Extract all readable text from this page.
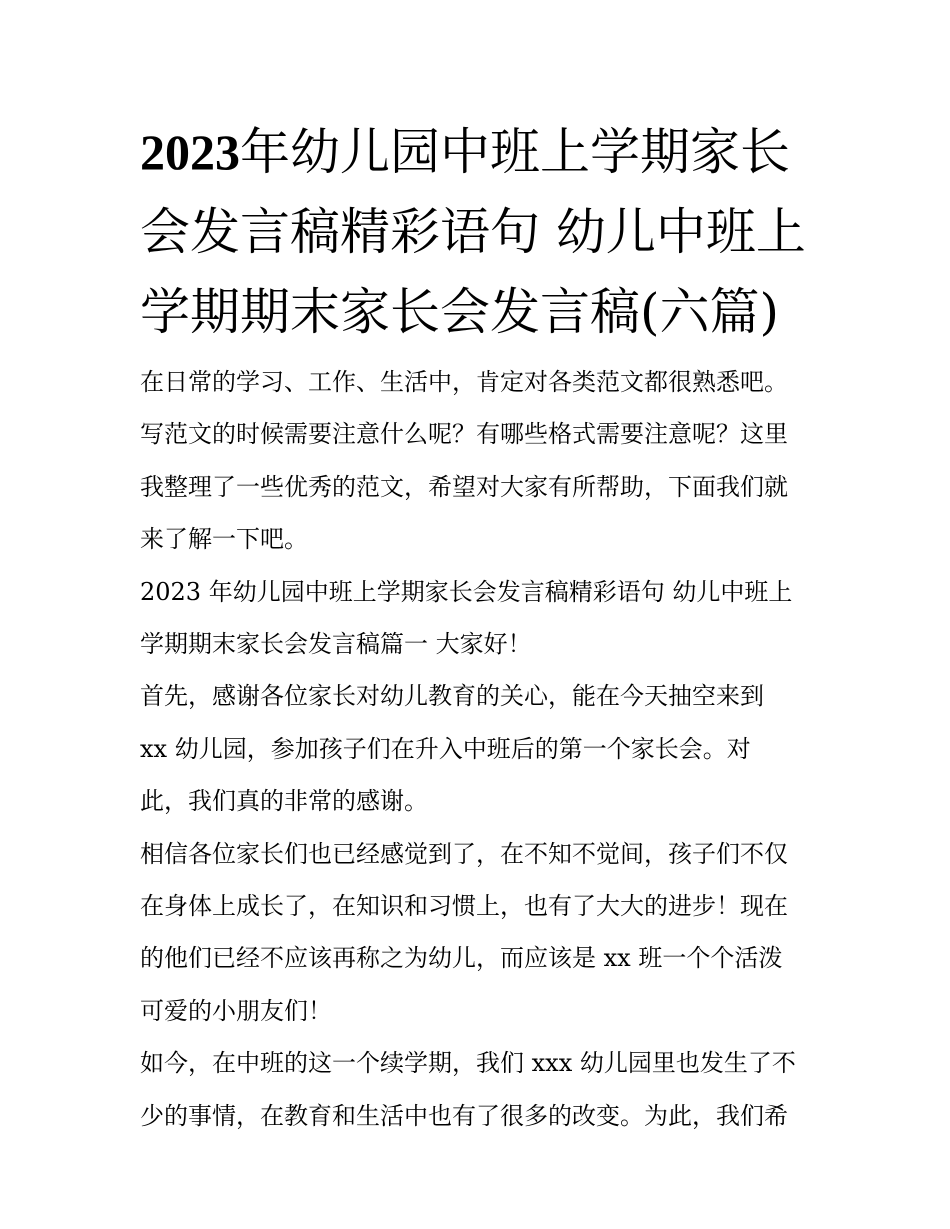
2023年幼儿园中班上学期家长
会发言稿精彩语句 幼儿中班上
学期期末家长会发言稿(六篇)

在日常的学习、工作、生活中，肯定对各类范文都很熟悉吧。
写范文的时候需要注意什么呢？有哪些格式需要注意呢？这里
我整理了一些优秀的范文，希望对大家有所帮助，下面我们就
来了解一下吧。

2023 年幼儿园中班上学期家长会发言稿精彩语句 幼儿中班上
学期期末家长会发言稿篇一 大家好！

首先，感谢各位家长对幼儿教育的关心，能在今天抽空来到
xx 幼儿园，参加孩子们在升入中班后的第一个家长会。对
此，我们真的非常的感谢。

相信各位家长们也已经感觉到了，在不知不觉间，孩子们不仅
在身体上成长了，在知识和习惯上，也有了大大的进步！现在
的他们已经不应该再称之为幼儿，而应该是 xx 班一个个活泼
可爱的小朋友们！

如今，在中班的这一个续学期，我们 xxx 幼儿园里也发生了不
少的事情，在教育和生活中也有了很多的改变。为此，我们希
